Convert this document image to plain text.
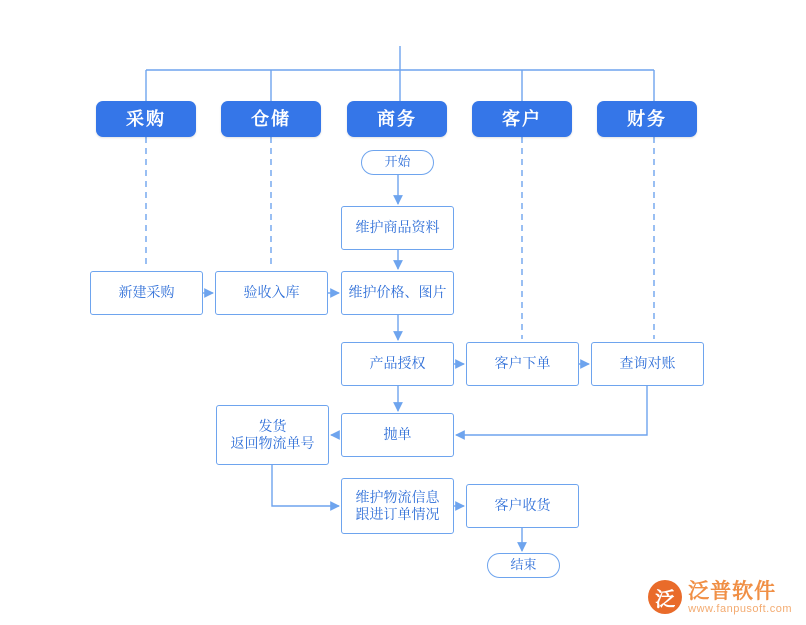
采购	仓储	商务	客户	财务
开始
结束
维护商品资料
新建采购	验收入库	维护价格、图片
产品授权	客户下单	查询对账
抛单
客户收货
发货
返回物流单号
维护物流信息
跟进订单情况
泛 泛普软件
www.fanpusoft.com
